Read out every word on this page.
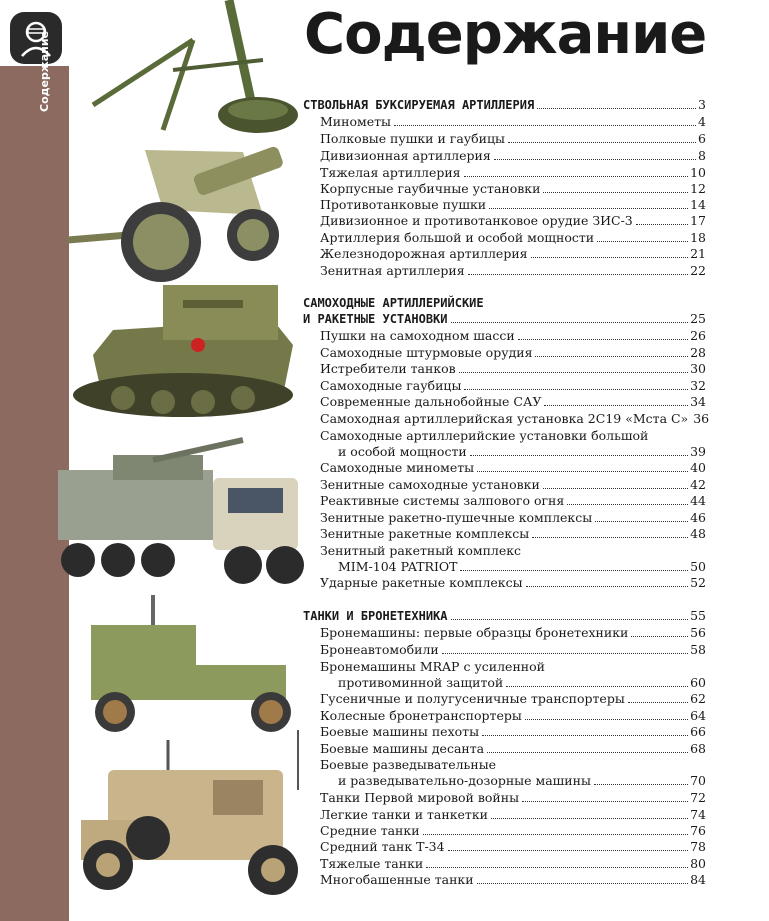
Содержание	Содержание
СТВОЛЬНАЯ БУКСИРУЕМАЯ АРТИЛЛЕРИЯ	3
Минометы	4
Полковые пушки и гаубицы	6
Дивизионная артиллерия	8
Тяжелая артиллерия	10
Корпусные гаубичные установки	12
Противотанковые пушки	14
Дивизионное и противотанковое орудие ЗИС-3	17
Артиллерия большой и особой мощности	18
Железнодорожная артиллерия	21
Зенитная артиллерия	22
САМОХОДНЫЕ АРТИЛЛЕРИЙСКИЕ
И РАКЕТНЫЕ УСТАНОВКИ	25
Пушки на самоходном шасси	26
Самоходные штурмовые орудия	28
Истребители танков	30
Самоходные гаубицы	32
Современные дальнобойные САУ	34
Самоходная артиллерийская установка 2С19 «Мста С» 36
Самоходные артиллерийские установки большой
и особой мощности	39
Самоходные минометы	40
Зенитные самоходные установки	42
Реактивные системы залпового огня	44
Зенитные ракетно-пушечные комплексы	46
Зенитные ракетные комплексы	48
Зенитный ракетный комплекс
MIM-104 PATRIOT	50
Ударные ракетные комплексы	52
ТАНКИ И БРОНЕТЕХНИКА	55
Бронемашины: первые образцы бронетехники	56
Бронеавтомобили	58
Бронемашины MRAP с усиленной
противоминной защитой	60
Гусеничные и полугусеничные транспортеры	62
Колесные бронетранспортеры	64
Боевые машины пехоты	66
Боевые машины десанта	68
Боевые разведывательные
и разведывательно-дозорные машины	70
Танки Первой мировой войны	72
Легкие танки и танкетки	74
Средние танки	76
Средний танк Т-34	78
Тяжелые танки	80
Многобашенные танки	84
